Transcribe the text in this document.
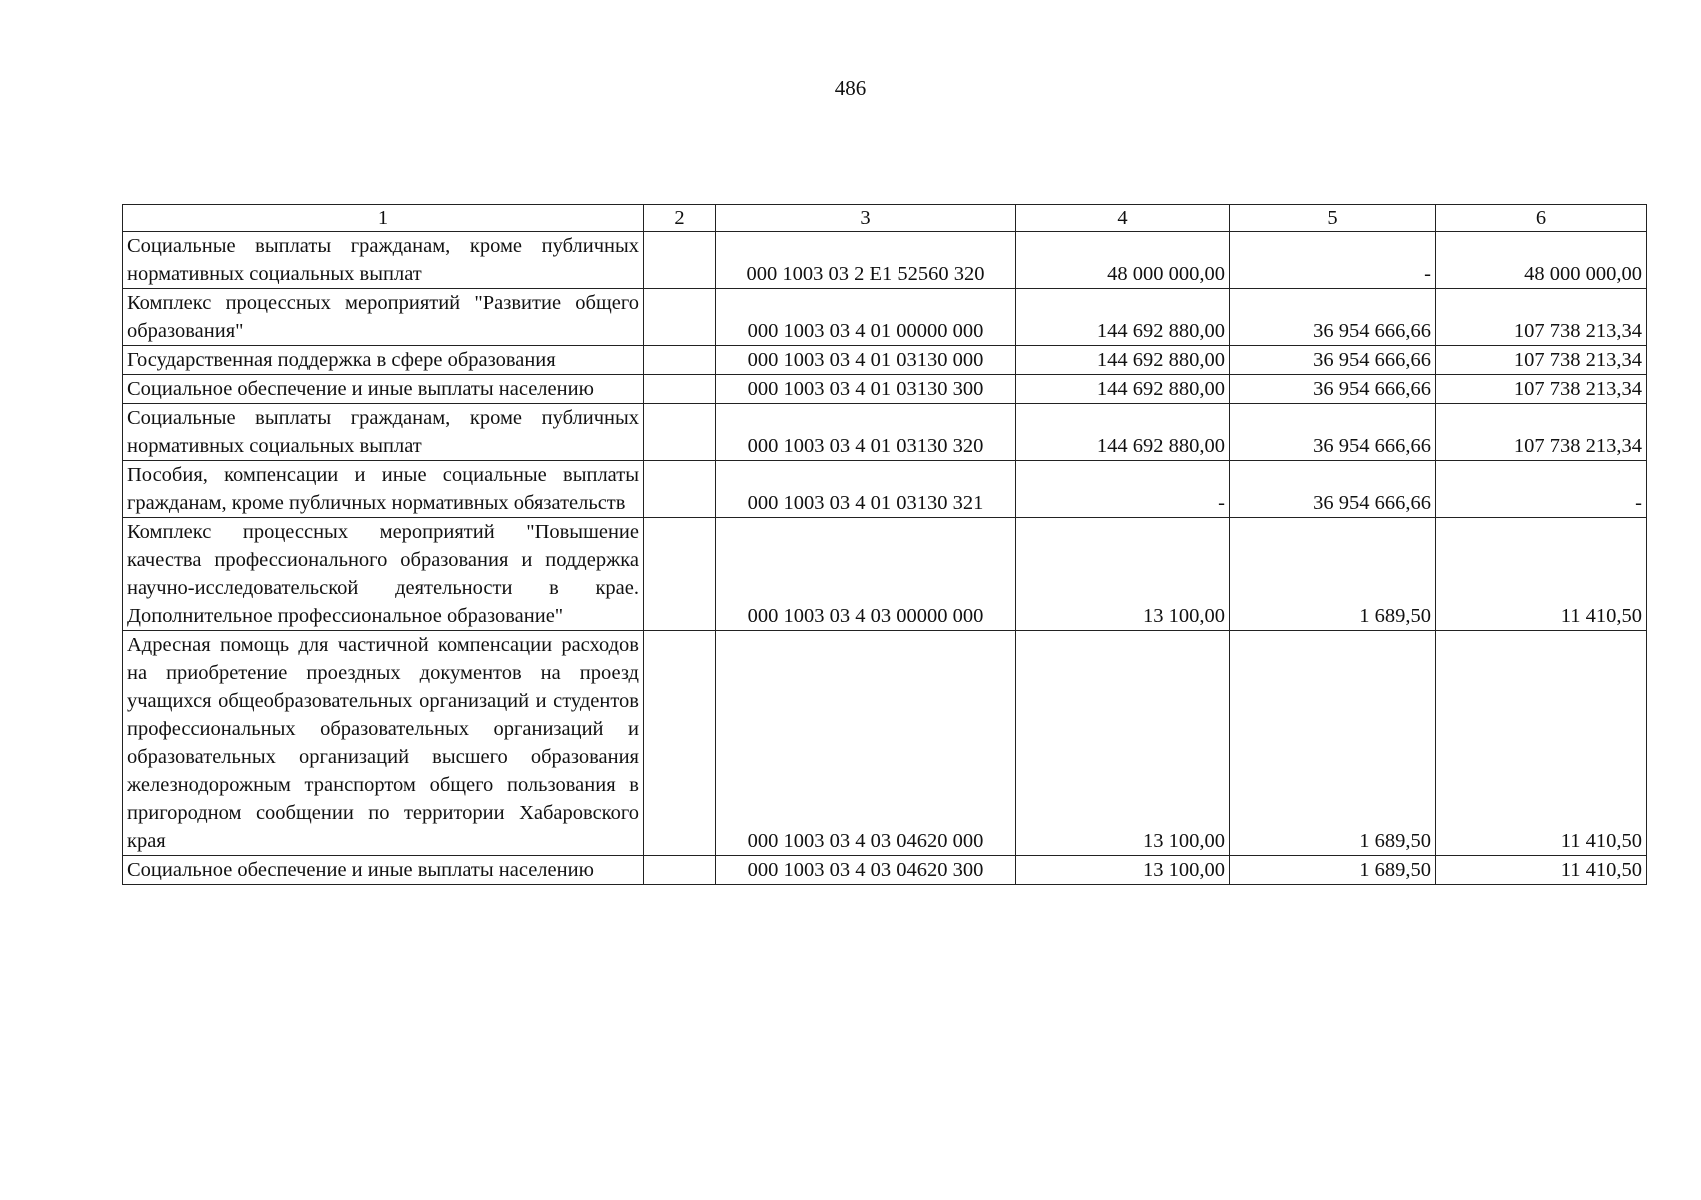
486
1	2	3	4	5	6
Социальные выплаты гражданам, кроме публичных нормативных социальных выплат		000 1003 03 2 E1 52560 320	48 000 000,00	-	48 000 000,00
Комплекс процессных мероприятий "Развитие общего образования"		000 1003 03 4 01 00000 000	144 692 880,00	36 954 666,66	107 738 213,34
Государственная поддержка в сфере образования		000 1003 03 4 01 03130 000	144 692 880,00	36 954 666,66	107 738 213,34
Социальное обеспечение и иные выплаты населению		000 1003 03 4 01 03130 300	144 692 880,00	36 954 666,66	107 738 213,34
Социальные выплаты гражданам, кроме публичных нормативных социальных выплат		000 1003 03 4 01 03130 320	144 692 880,00	36 954 666,66	107 738 213,34
Пособия, компенсации и иные социальные выплаты гражданам, кроме публичных нормативных обязательств		000 1003 03 4 01 03130 321	-	36 954 666,66	-
Комплекс процессных мероприятий "Повышение качества профессионального образования и поддержка научно-исследовательской деятельности в крае. Дополнительное профессиональное образование"		000 1003 03 4 03 00000 000	13 100,00	1 689,50	11 410,50
Адресная помощь для частичной компенсации расходов на приобретение проездных документов на проезд учащихся общеобразовательных организаций и студентов профессиональных образовательных организаций и образовательных организаций высшего образования железнодорожным транспортом общего пользования в пригородном сообщении по территории Хабаровского края		000 1003 03 4 03 04620 000	13 100,00	1 689,50	11 410,50
Социальное обеспечение и иные выплаты населению		000 1003 03 4 03 04620 300	13 100,00	1 689,50	11 410,50
